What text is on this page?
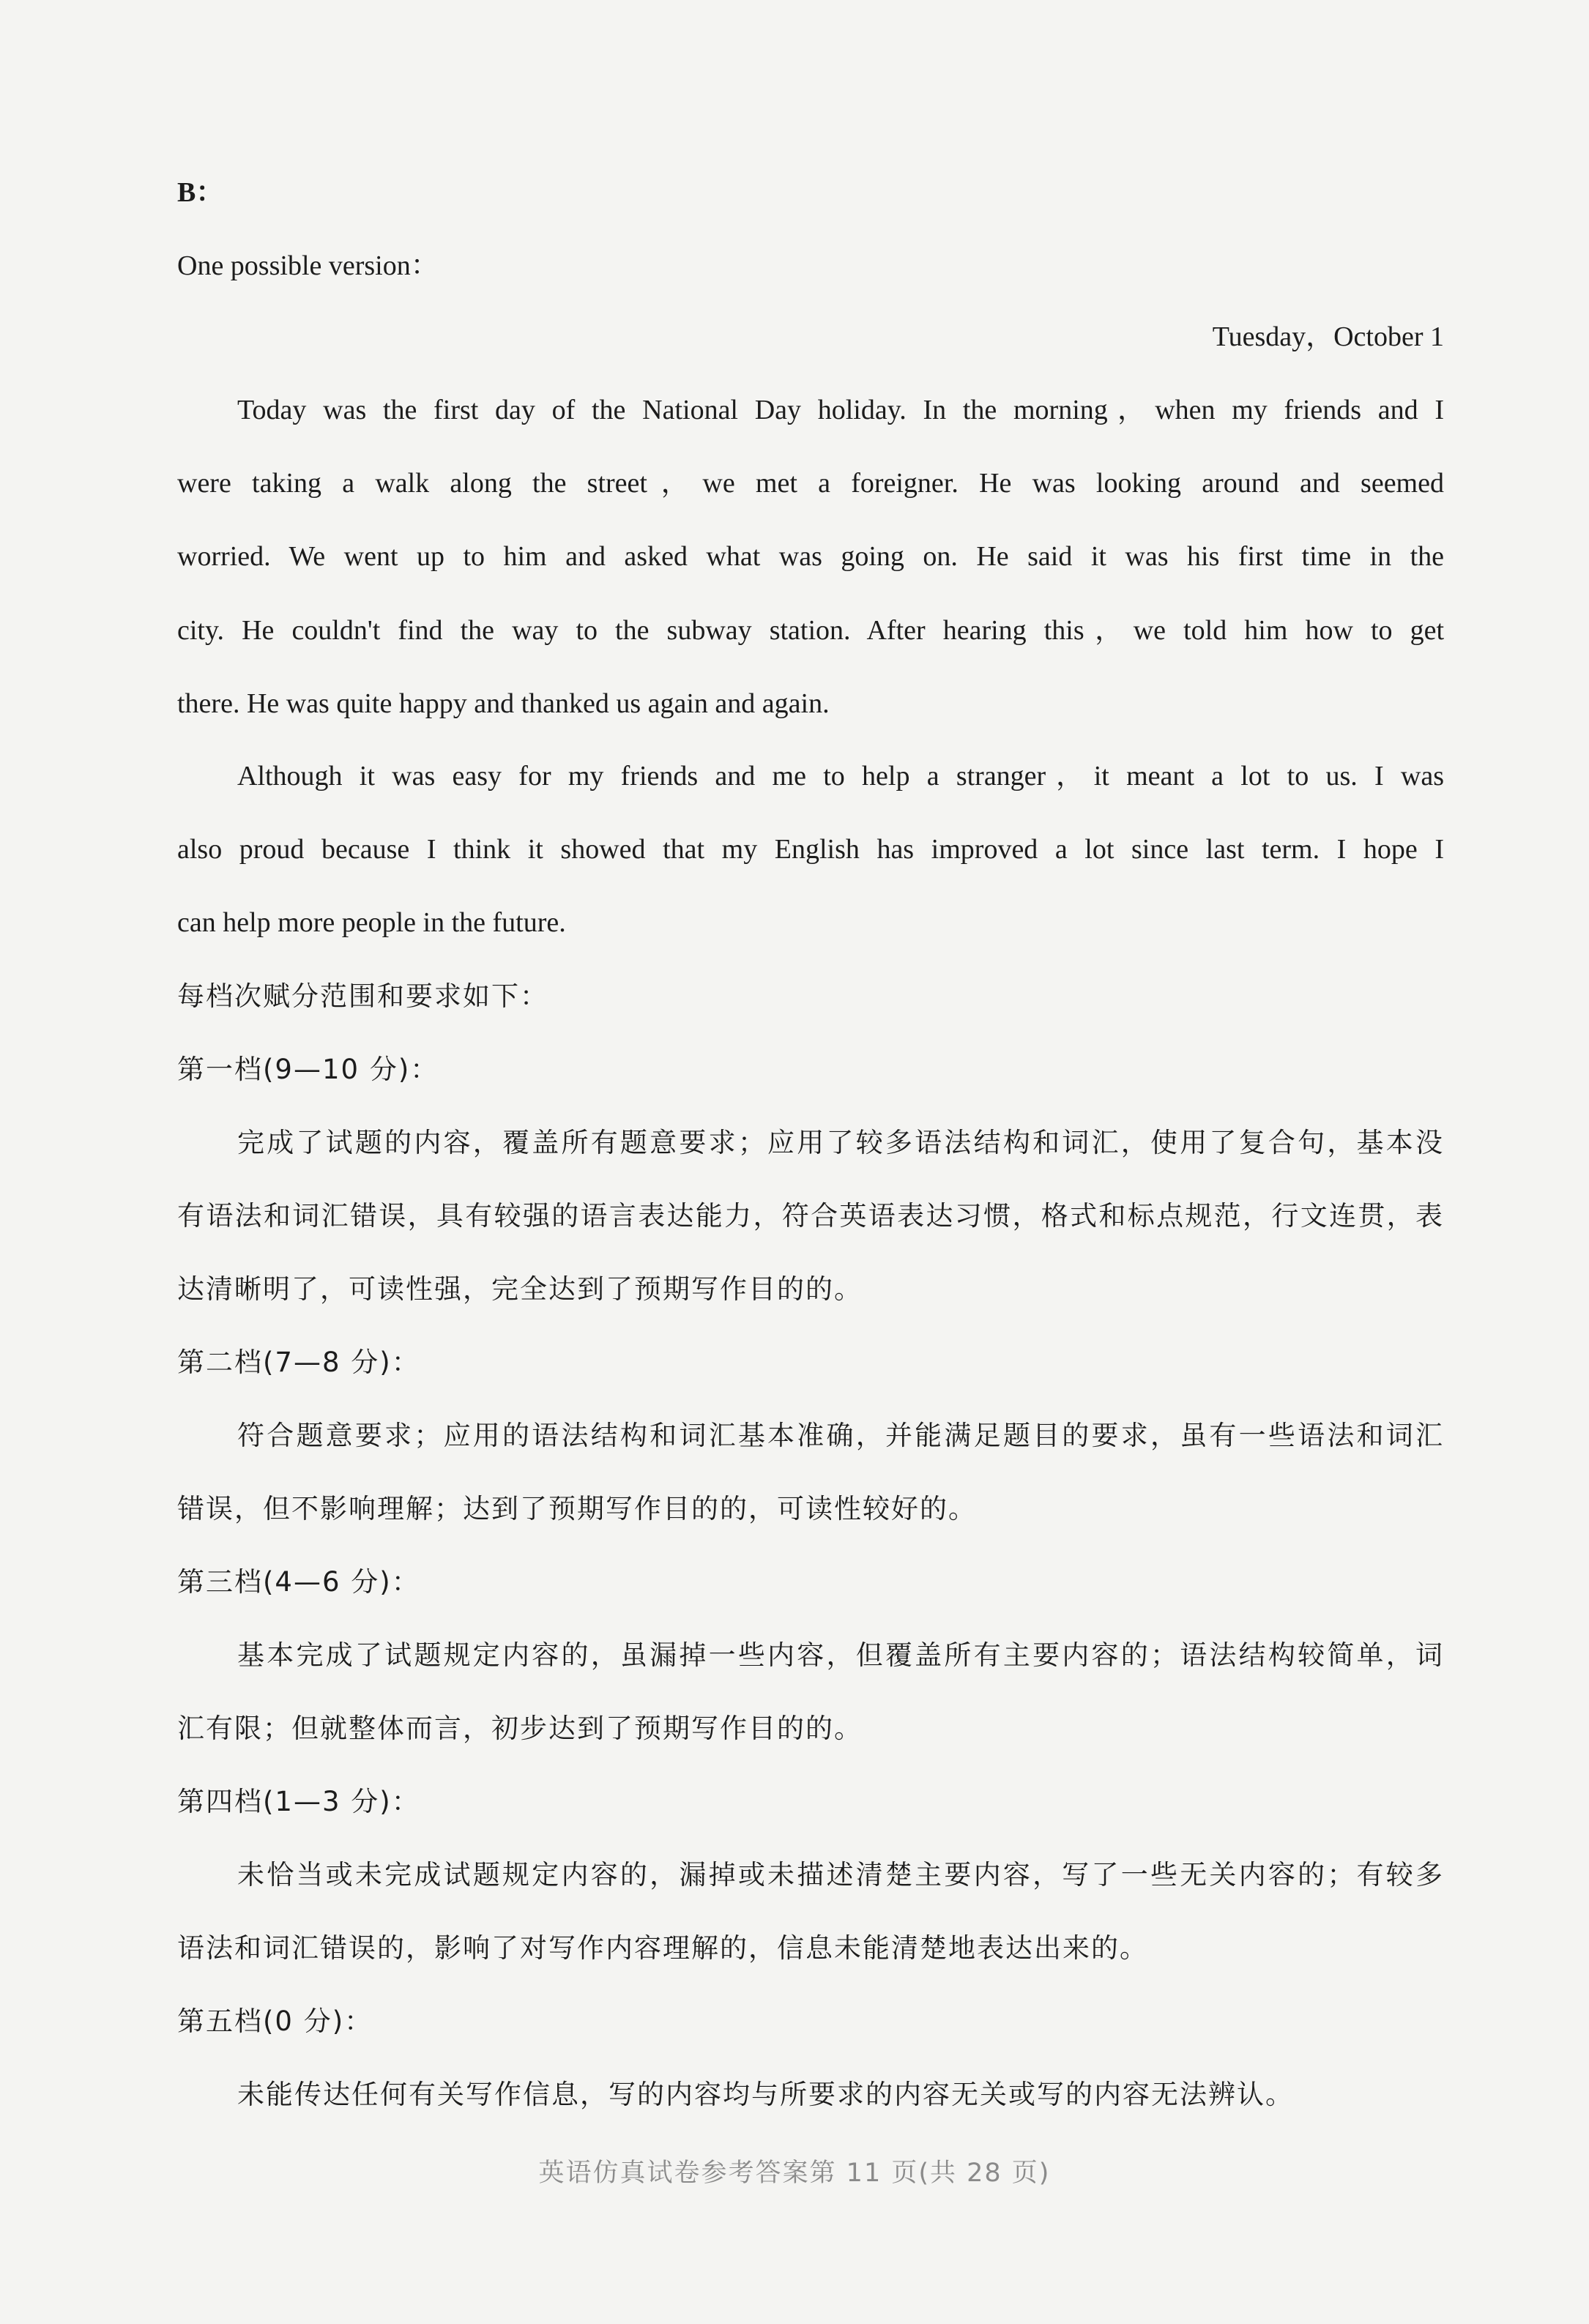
B：
One possible version：
Tuesday，October 1
Today was the first day of the National Day holiday. In the morning，when my friends and I
were taking a walk along the street，we met a foreigner. He was looking around and seemed
worried. We went up to him and asked what was going on. He said it was his first time in the
city. He couldn't find the way to the subway station. After hearing this，we told him how to get
there. He was quite happy and thanked us again and again.
Although it was easy for my friends and me to help a stranger，it meant a lot to us. I was
also proud because I think it showed that my English has improved a lot since last term. I hope I
can help more people in the future.
每档次赋分范围和要求如下：
第一档(9—10 分)：
完成了试题的内容，覆盖所有题意要求；应用了较多语法结构和词汇，使用了复合句，基本没
有语法和词汇错误，具有较强的语言表达能力，符合英语表达习惯，格式和标点规范，行文连贯，表
达清晰明了，可读性强，完全达到了预期写作目的的。
第二档(7—8 分)：
符合题意要求；应用的语法结构和词汇基本准确，并能满足题目的要求，虽有一些语法和词汇
错误，但不影响理解；达到了预期写作目的的，可读性较好的。
第三档(4—6 分)：
基本完成了试题规定内容的，虽漏掉一些内容，但覆盖所有主要内容的；语法结构较简单，词
汇有限；但就整体而言，初步达到了预期写作目的的。
第四档(1—3 分)：
未恰当或未完成试题规定内容的，漏掉或未描述清楚主要内容，写了一些无关内容的；有较多
语法和词汇错误的，影响了对写作内容理解的，信息未能清楚地表达出来的。
第五档(0 分)：
未能传达任何有关写作信息，写的内容均与所要求的内容无关或写的内容无法辨认。
英语仿真试卷参考答案第 11 页(共 28 页)
